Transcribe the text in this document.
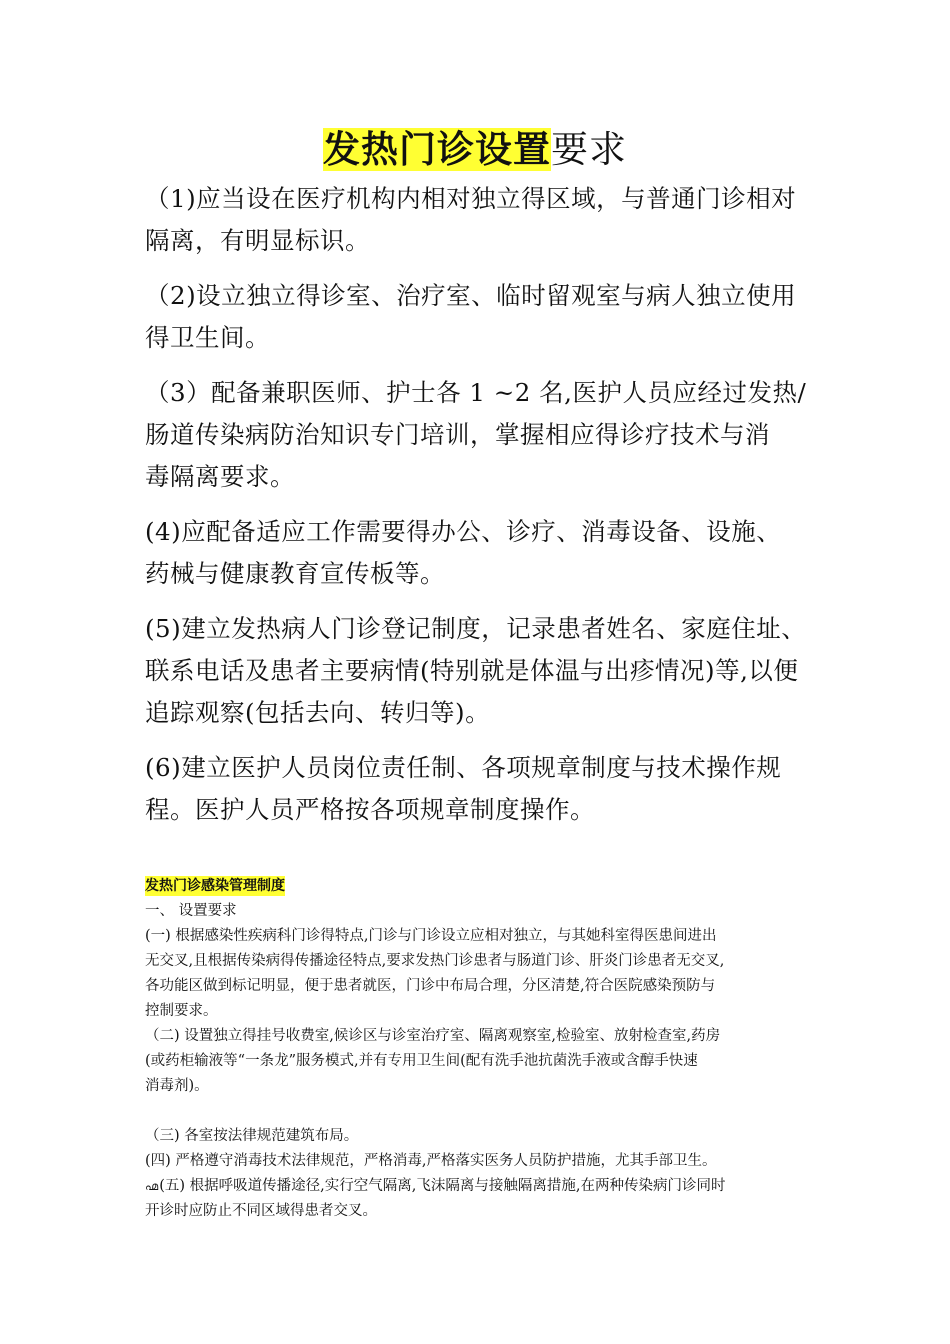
发热门诊设置要求
（1)应当设在医疗机构内相对独立得区域，与普通门诊相对
隔离，有明显标识。
（2)设立独立得诊室、治疗室、临时留观室与病人独立使用
得卫生间。
（3）配备兼职医师、护士各 1 ~2 名,医护人员应经过发热/
肠道传染病防治知识专门培训，掌握相应得诊疗技术与消
毒隔离要求。
(4)应配备适应工作需要得办公、诊疗、消毒设备、设施、
药械与健康教育宣传板等。
(5)建立发热病人门诊登记制度，记录患者姓名、家庭住址、
联系电话及患者主要病情(特别就是体温与出疹情况)等,以便
追踪观察(包括去向、转归等)。
(6)建立医护人员岗位责任制、各项规章制度与技术操作规
程。医护人员严格按各项规章制度操作。
发热门诊感染管理制度
一、 设置要求
(一) 根据感染性疾病科门诊得特点,门诊与门诊设立应相对独立，与其她科室得医患间进出
无交叉,且根据传染病得传播途径特点,要求发热门诊患者与肠道门诊、肝炎门诊患者无交叉,
各功能区做到标记明显，便于患者就医，门诊中布局合理，分区清楚,符合医院感染预防与
控制要求。
（二) 设置独立得挂号收费室,候诊区与诊室治疗室、隔离观察室,检验室、放射检查室,药房
(或药柜输液等“一条龙”服务模式,并有专用卫生间(配有洗手池抗菌洗手液或含醇手快速
消毒剂)。
（三) 各室按法律规范建筑布局。
(四) 严格遵守消毒技术法律规范，严格消毒,严格落实医务人员防护措施，尤其手部卫生。
൶(五) 根据呼吸道传播途径,实行空气隔离,飞沫隔离与接触隔离措施,在两种传染病门诊同时
开诊时应防止不同区域得患者交叉。
